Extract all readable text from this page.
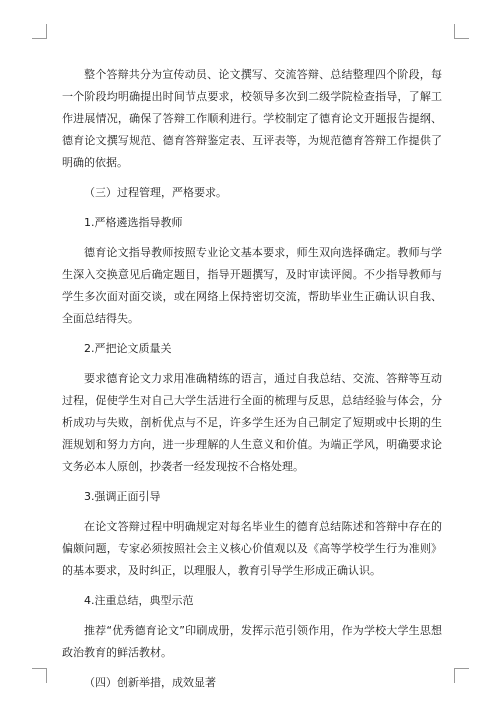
整个答辩共分为宣传动员、论文撰写、交流答辩、总结整理四个阶段，每一个阶段均明确提出时间节点要求，校领导多次到二级学院检查指导，了解工作进展情况，确保了答辩工作顺利进行。学校制定了德育论文开题报告提纲、德育论文撰写规范、德育答辩鉴定表、互评表等，为规范德育答辩工作提供了明确的依据。

（三）过程管理，严格要求。

1.严格遴选指导教师

德育论文指导教师按照专业论文基本要求，师生双向选择确定。教师与学生深入交换意见后确定题目，指导开题撰写，及时审读评阅。不少指导教师与学生多次面对面交谈，或在网络上保持密切交流，帮助毕业生正确认识自我、全面总结得失。

2.严把论文质量关

要求德育论文力求用准确精练的语言，通过自我总结、交流、答辩等互动过程，促使学生对自己大学生活进行全面的梳理与反思，总结经验与体会，分析成功与失败，剖析优点与不足，许多学生还为自己制定了短期或中长期的生涯规划和努力方向，进一步理解的人生意义和价值。为端正学风，明确要求论文务必本人原创，抄袭者一经发现按不合格处理。

3.强调正面引导

在论文答辩过程中明确规定对每名毕业生的德育总结陈述和答辩中存在的偏颇问题，专家必须按照社会主义核心价值观以及《高等学校学生行为准则》的基本要求，及时纠正，以理服人，教育引导学生形成正确认识。

4.注重总结，典型示范

推荐“优秀德育论文”印刷成册，发挥示范引领作用，作为学校大学生思想政治教育的鲜活教材。

（四）创新举措，成效显著
